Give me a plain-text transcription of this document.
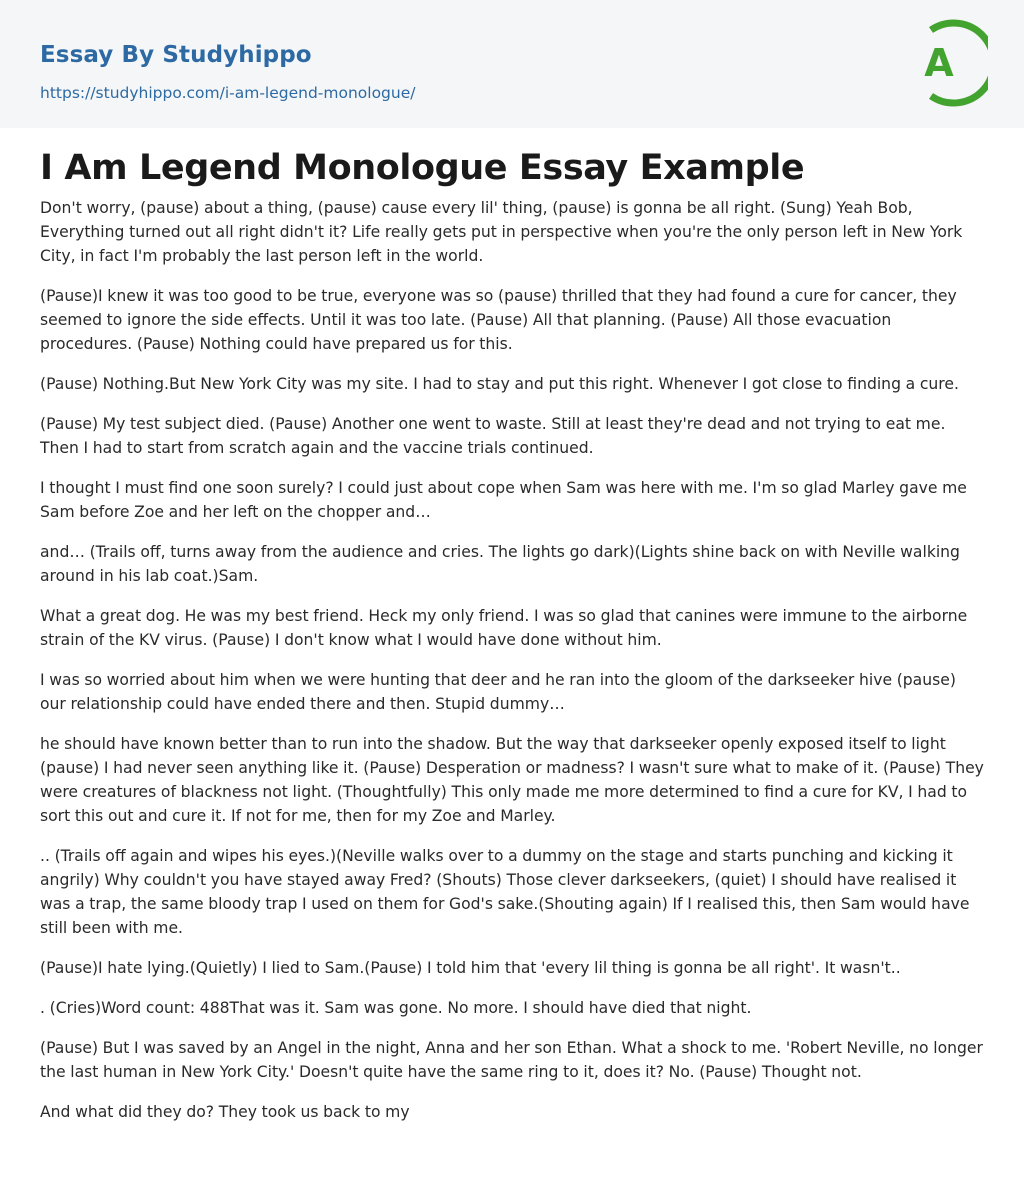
Essay By Studyhippo
https://studyhippo.com/i-am-legend-monologue/
A
I Am Legend Monologue Essay Example

Don't worry, (pause) about a thing, (pause) cause every lil' thing, (pause) is gonna be all right. (Sung) Yeah Bob, Everything turned out all right didn't it? Life really gets put in perspective when you're the only person left in New York City, in fact I'm probably the last person left in the world.

(Pause)I knew it was too good to be true, everyone was so (pause) thrilled that they had found a cure for cancer, they seemed to ignore the side effects. Until it was too late. (Pause) All that planning. (Pause) All those evacuation procedures. (Pause) Nothing could have prepared us for this.

(Pause) Nothing.But New York City was my site. I had to stay and put this right. Whenever I got close to finding a cure.

(Pause) My test subject died. (Pause) Another one went to waste. Still at least they're dead and not trying to eat me. Then I had to start from scratch again and the vaccine trials continued.

I thought I must find one soon surely? I could just about cope when Sam was here with me. I'm so glad Marley gave me Sam before Zoe and her left on the chopper and…

and… (Trails off, turns away from the audience and cries. The lights go dark)(Lights shine back on with Neville walking around in his lab coat.)Sam.

What a great dog. He was my best friend. Heck my only friend. I was so glad that canines were immune to the airborne strain of the KV virus. (Pause) I don't know what I would have done without him.

I was so worried about him when we were hunting that deer and he ran into the gloom of the darkseeker hive (pause) our relationship could have ended there and then. Stupid dummy…

he should have known better than to run into the shadow. But the way that darkseeker openly exposed itself to light (pause) I had never seen anything like it. (Pause) Desperation or madness? I wasn't sure what to make of it. (Pause) They were creatures of blackness not light. (Thoughtfully) This only made me more determined to find a cure for KV, I had to sort this out and cure it. If not for me, then for my Zoe and Marley.

.. (Trails off again and wipes his eyes.)(Neville walks over to a dummy on the stage and starts punching and kicking it angrily) Why couldn't you have stayed away Fred? (Shouts) Those clever darkseekers, (quiet) I should have realised it was a trap, the same bloody trap I used on them for God's sake.(Shouting again) If I realised this, then Sam would have still been with me.

(Pause)I hate lying.(Quietly) I lied to Sam.(Pause) I told him that 'every lil thing is gonna be all right'. It wasn't..

. (Cries)Word count: 488That was it. Sam was gone. No more. I should have died that night.

(Pause) But I was saved by an Angel in the night, Anna and her son Ethan. What a shock to me. 'Robert Neville, no longer the last human in New York City.' Doesn't quite have the same ring to it, does it? No. (Pause) Thought not.

And what did they do? They took us back to my
